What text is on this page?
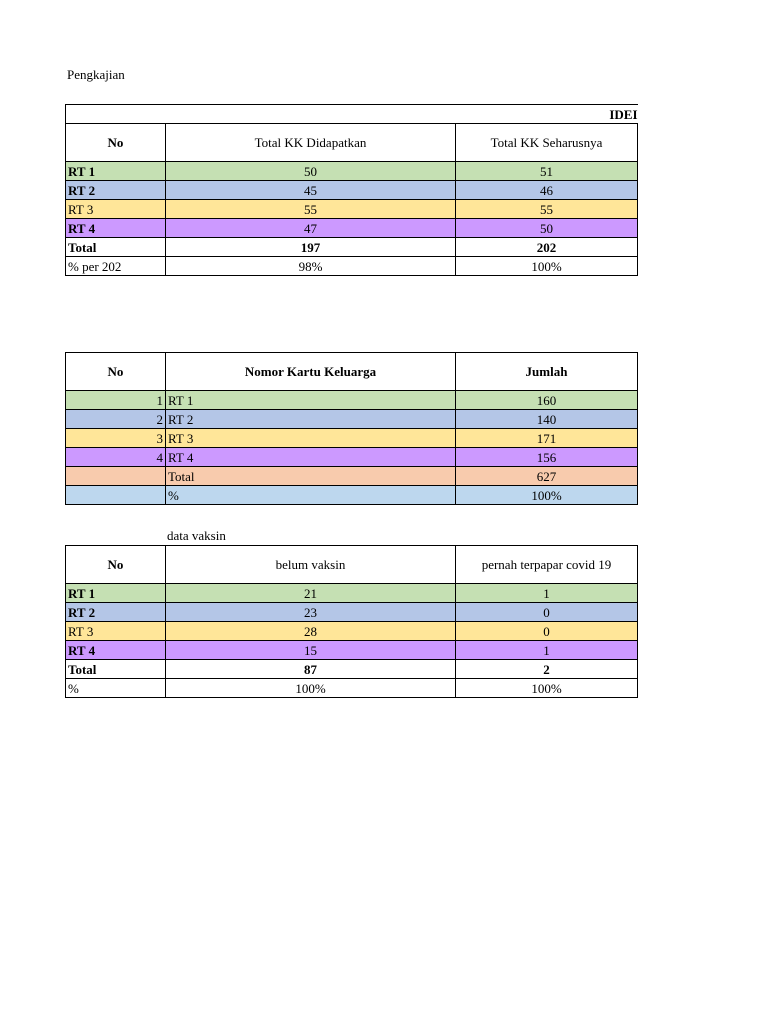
Pengkajian
IDEI		
No	Total KK Didapatkan	Total KK Seharusnya
RT 1	50	51
RT 2	45	46
RT 3	55	55
RT 4	47	50
Total	197	202
% per 202	98%	100%
No	Nomor Kartu Keluarga	Jumlah
1	RT 1	160
2	RT 2	140
3	RT 3	171
4	RT 4	156
	Total	627
	%	100%
data vaksin
No	belum vaksin	pernah terpapar covid 19
RT 1	21	1
RT 2	23	0
RT 3	28	0
RT 4	15	1
Total	87	2
%	100%	100%
